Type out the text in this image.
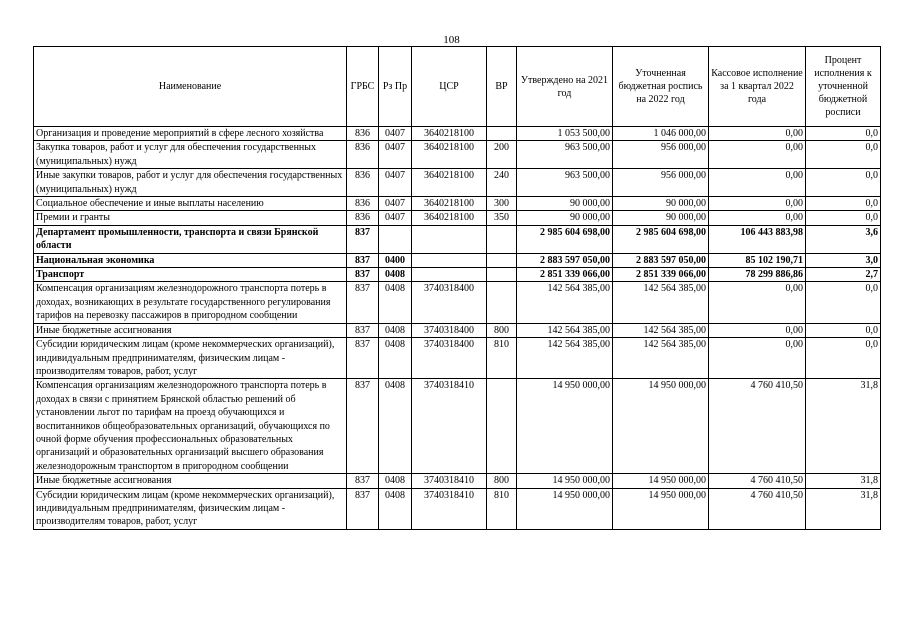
108
Наименование	ГРБС	Рз Пр	ЦСР	ВР	Утверждено на 2021 год	Уточненная бюджетная роспись на 2022 год	Кассовое исполнение за 1 квартал 2022 года	Процент исполнения к уточненной бюджетной росписи
Организация и проведение мероприятий в сфере лесного хозяйства	836	0407	3640218100		1 053 500,00	1 046 000,00	0,00	0,0
Закупка товаров, работ и услуг для обеспечения государственных (муниципальных) нужд	836	0407	3640218100	200	963 500,00	956 000,00	0,00	0,0
Иные закупки товаров, работ и услуг для обеспечения государственных (муниципальных) нужд	836	0407	3640218100	240	963 500,00	956 000,00	0,00	0,0
Социальное обеспечение и иные выплаты населению	836	0407	3640218100	300	90 000,00	90 000,00	0,00	0,0
Премии и гранты	836	0407	3640218100	350	90 000,00	90 000,00	0,00	0,0
Департамент промышленности, транспорта и связи Брянской области	837				2 985 604 698,00	2 985 604 698,00	106 443 883,98	3,6
Национальная экономика	837	0400			2 883 597 050,00	2 883 597 050,00	85 102 190,71	3,0
Транспорт	837	0408			2 851 339 066,00	2 851 339 066,00	78 299 886,86	2,7
Компенсация организациям железнодорожного транспорта потерь в доходах, возникающих в результате государственного регулирования тарифов на перевозку пассажиров в пригородном сообщении	837	0408	3740318400		142 564 385,00	142 564 385,00	0,00	0,0
Иные бюджетные ассигнования	837	0408	3740318400	800	142 564 385,00	142 564 385,00	0,00	0,0
Субсидии юридическим лицам (кроме некоммерческих организаций), индивидуальным предпринимателям, физическим лицам - производителям товаров, работ, услуг	837	0408	3740318400	810	142 564 385,00	142 564 385,00	0,00	0,0
Компенсация организациям железнодорожного транспорта потерь в доходах в связи с принятием Брянской областью решений об установлении льгот по тарифам на проезд обучающихся и воспитанников общеобразовательных организаций, обучающихся по очной форме обучения профессиональных образовательных организаций и образовательных организаций высшего образования железнодорожным транспортом в пригородном сообщении	837	0408	3740318410		14 950 000,00	14 950 000,00	4 760 410,50	31,8
Иные бюджетные ассигнования	837	0408	3740318410	800	14 950 000,00	14 950 000,00	4 760 410,50	31,8
Субсидии юридическим лицам (кроме некоммерческих организаций), индивидуальным предпринимателям, физическим лицам - производителям товаров, работ, услуг	837	0408	3740318410	810	14 950 000,00	14 950 000,00	4 760 410,50	31,8
